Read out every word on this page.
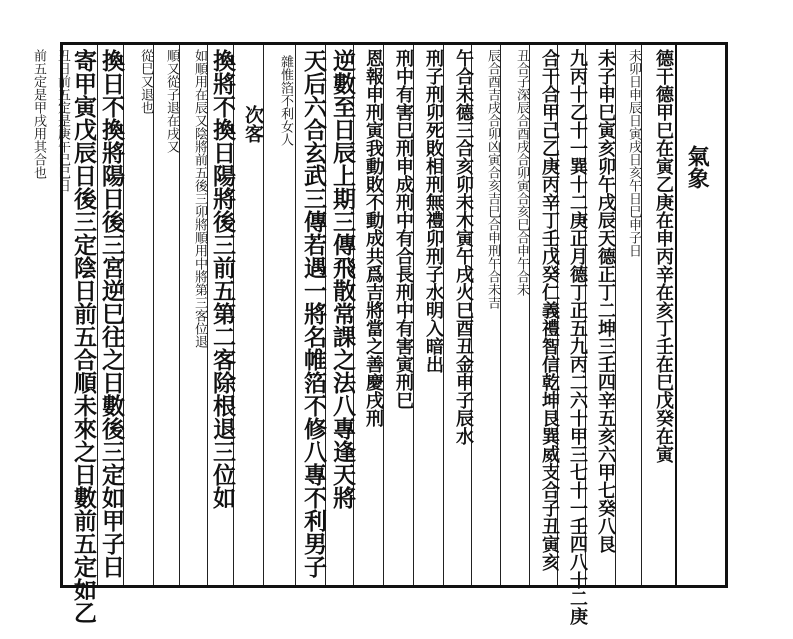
氣象
德干德甲巳在寅乙庚在申丙辛在亥丁壬在巳戊癸在寅
未卯日申辰日寅戌日亥午日巳申子日
未子申巳寅亥卯午戌辰天德正丁二坤三壬四辛五亥六甲七癸八艮
九丙十乙十一巽十二庚正月德丁正五九丙二六十甲三七十一壬四八十二庚
合干合甲己乙庚丙辛丁壬戊癸仁義禮智信乾坤艮巽威支合子丑寅亥
丑合子深辰合酉戌合卯寅合亥巳合申午合未
辰合酉吉戌合卯凶寅合亥吉巳合申刑午合未吉
午合未德三合亥卯未木寅午戌火巳酉丑金申子辰水
刑子刑卯死敗相刑無禮卯刑子水明入暗出
刑中有害巳刑申成刑中有合長刑中有害寅刑巳
恩報申刑寅我動敗不動成共爲吉將當之善慶戌刑
逆數至日辰上期三傳飛散常課之法八專逢天將
天后六合玄武三傳若遇一將名帷箔不修八專不利男子
雜惟箔不利女人
次客
換將不換日陽將後三前五第二客除根退三位如
如順用在辰又陰將前五後三卯將順用中將第三客位退
順又從子退在戌又
從巳又退也
換日不換將陽日後三宮逆巳往之日數後三定如甲子日
寄甲寅戊辰日後三定陰日前五合順未來之日數前五定如乙
丑日前五定是庚午巳巳日
前五定是甲戌用其合也
